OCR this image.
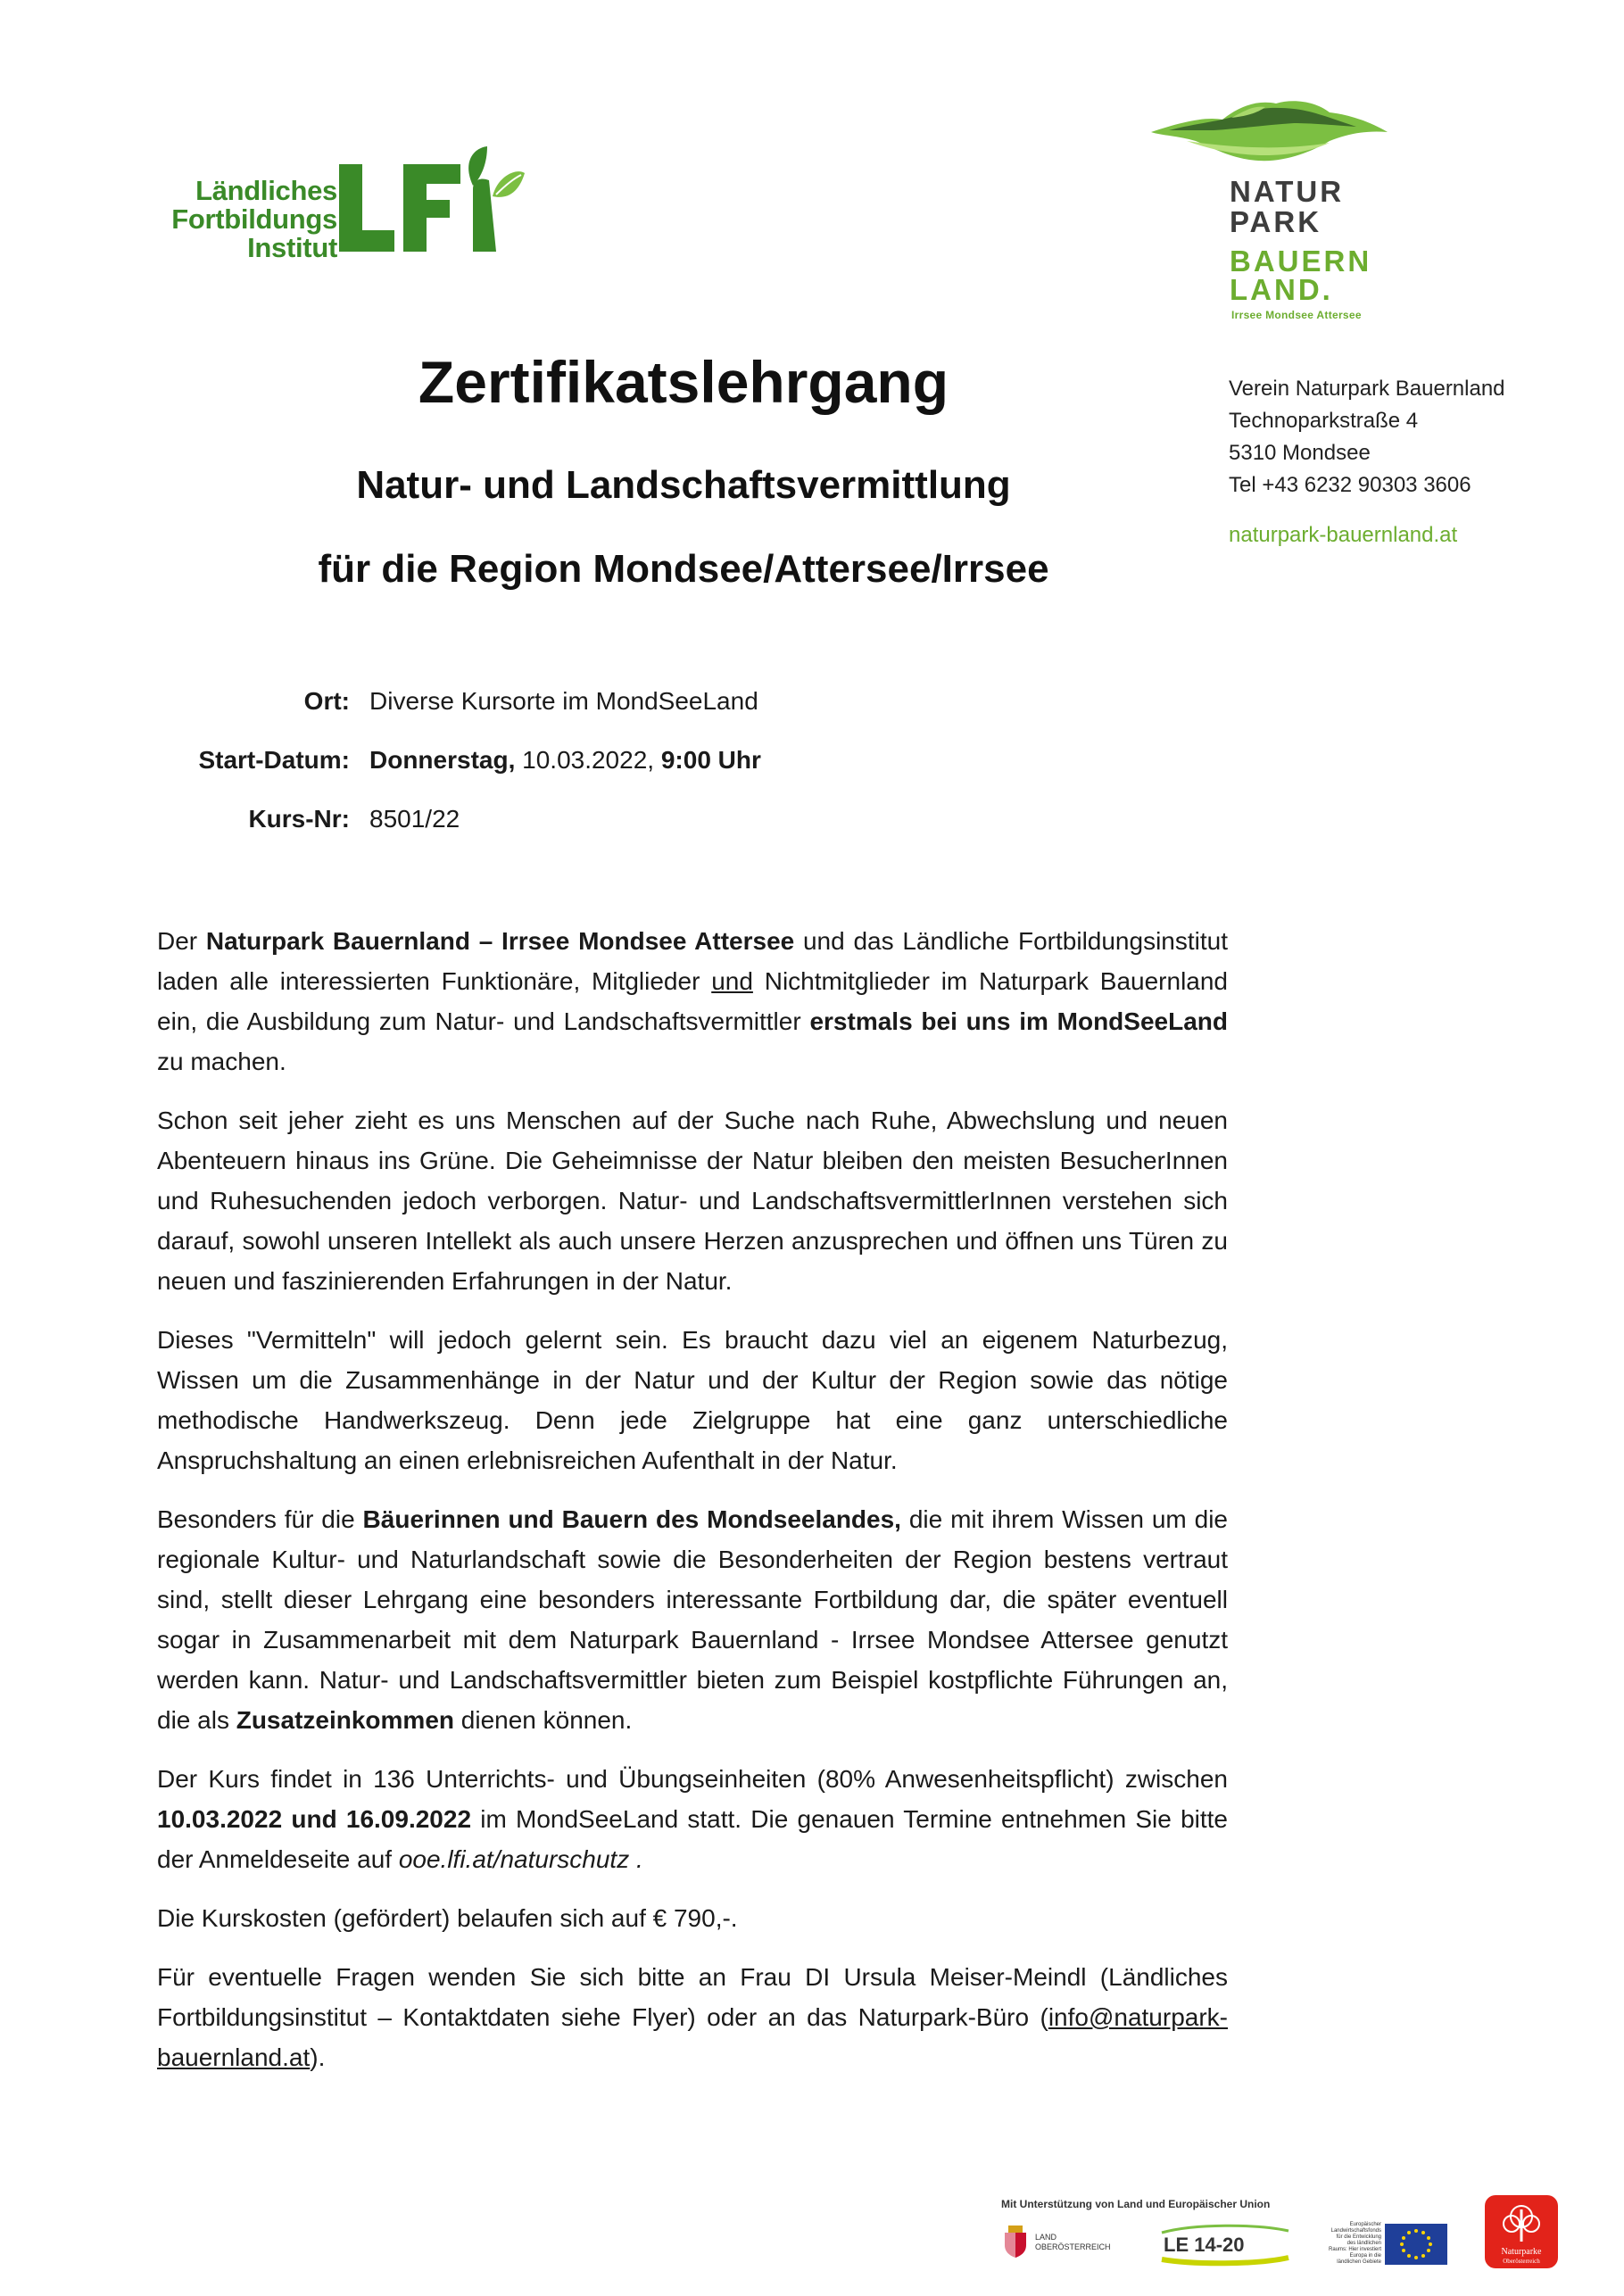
Ländliches
Fortbildungs
Institut
NATUR
PARK
BAUERN
LAND.
Irrsee Mondsee Attersee
Verein Naturpark Bauernland
Technoparkstraße 4
5310 Mondsee
Tel +43 6232 90303 3606
naturpark-bauernland.at
Zertifikatslehrgang
Natur- und Landschaftsvermittlung
für die Region Mondsee/Attersee/Irrsee
Ort: Diverse Kursorte im MondSeeLand
Start-Datum: Donnerstag, 10.03.2022, 9:00 Uhr
Kurs-Nr: 8501/22

Der Naturpark Bauernland – Irrsee Mondsee Attersee und das Ländliche Fortbildungsinstitut laden alle interessierten Funktionäre, Mitglieder und Nichtmitglieder im Naturpark Bauernland ein, die Ausbildung zum Natur- und Landschaftsvermittler erstmals bei uns im MondSeeLand zu machen.

Schon seit jeher zieht es uns Menschen auf der Suche nach Ruhe, Abwechslung und neuen Abenteuern hinaus ins Grüne. Die Geheimnisse der Natur bleiben den meisten BesucherInnen und Ruhesuchenden jedoch verborgen. Natur- und LandschaftsvermittlerInnen verstehen sich darauf, sowohl unseren Intellekt als auch unsere Herzen anzusprechen und öffnen uns Türen zu neuen und faszinierenden Erfahrungen in der Natur.

Dieses "Vermitteln" will jedoch gelernt sein. Es braucht dazu viel an eigenem Naturbezug, Wissen um die Zusammenhänge in der Natur und der Kultur der Region sowie das nötige methodische Handwerkszeug. Denn jede Zielgruppe hat eine ganz unterschiedliche Anspruchshaltung an einen erlebnisreichen Aufenthalt in der Natur.

Besonders für die Bäuerinnen und Bauern des Mondseelandes, die mit ihrem Wissen um die regionale Kultur- und Naturlandschaft sowie die Besonderheiten der Region bestens vertraut sind, stellt dieser Lehrgang eine besonders interessante Fortbildung dar, die später eventuell sogar in Zusammenarbeit mit dem Naturpark Bauernland - Irrsee Mondsee Attersee genutzt werden kann. Natur- und Landschaftsvermittler bieten zum Beispiel kostpflichte Führungen an, die als Zusatzeinkommen dienen können.

Der Kurs findet in 136 Unterrichts- und Übungseinheiten (80% Anwesenheitspflicht) zwischen 10.03.2022 und 16.09.2022 im MondSeeLand statt. Die genauen Termine entnehmen Sie bitte der Anmeldeseite auf ooe.lfi.at/naturschutz .

Die Kurskosten (gefördert) belaufen sich auf € 790,-.

Für eventuelle Fragen wenden Sie sich bitte an Frau DI Ursula Meiser-Meindl (Ländliches Fortbildungsinstitut – Kontaktdaten siehe Flyer) oder an das Naturpark-Büro (info@naturpark-bauernland.at).

Mit Unterstützung von Land und Europäischer Union
LAND
OBERÖSTERREICH	LE 14-20
Europäischer Landwirtschaftsfonds für die Entwicklung des ländlichen Raums: Hier investiert Europa in die ländlichen Gebiete
Naturparke
Oberösterreich
